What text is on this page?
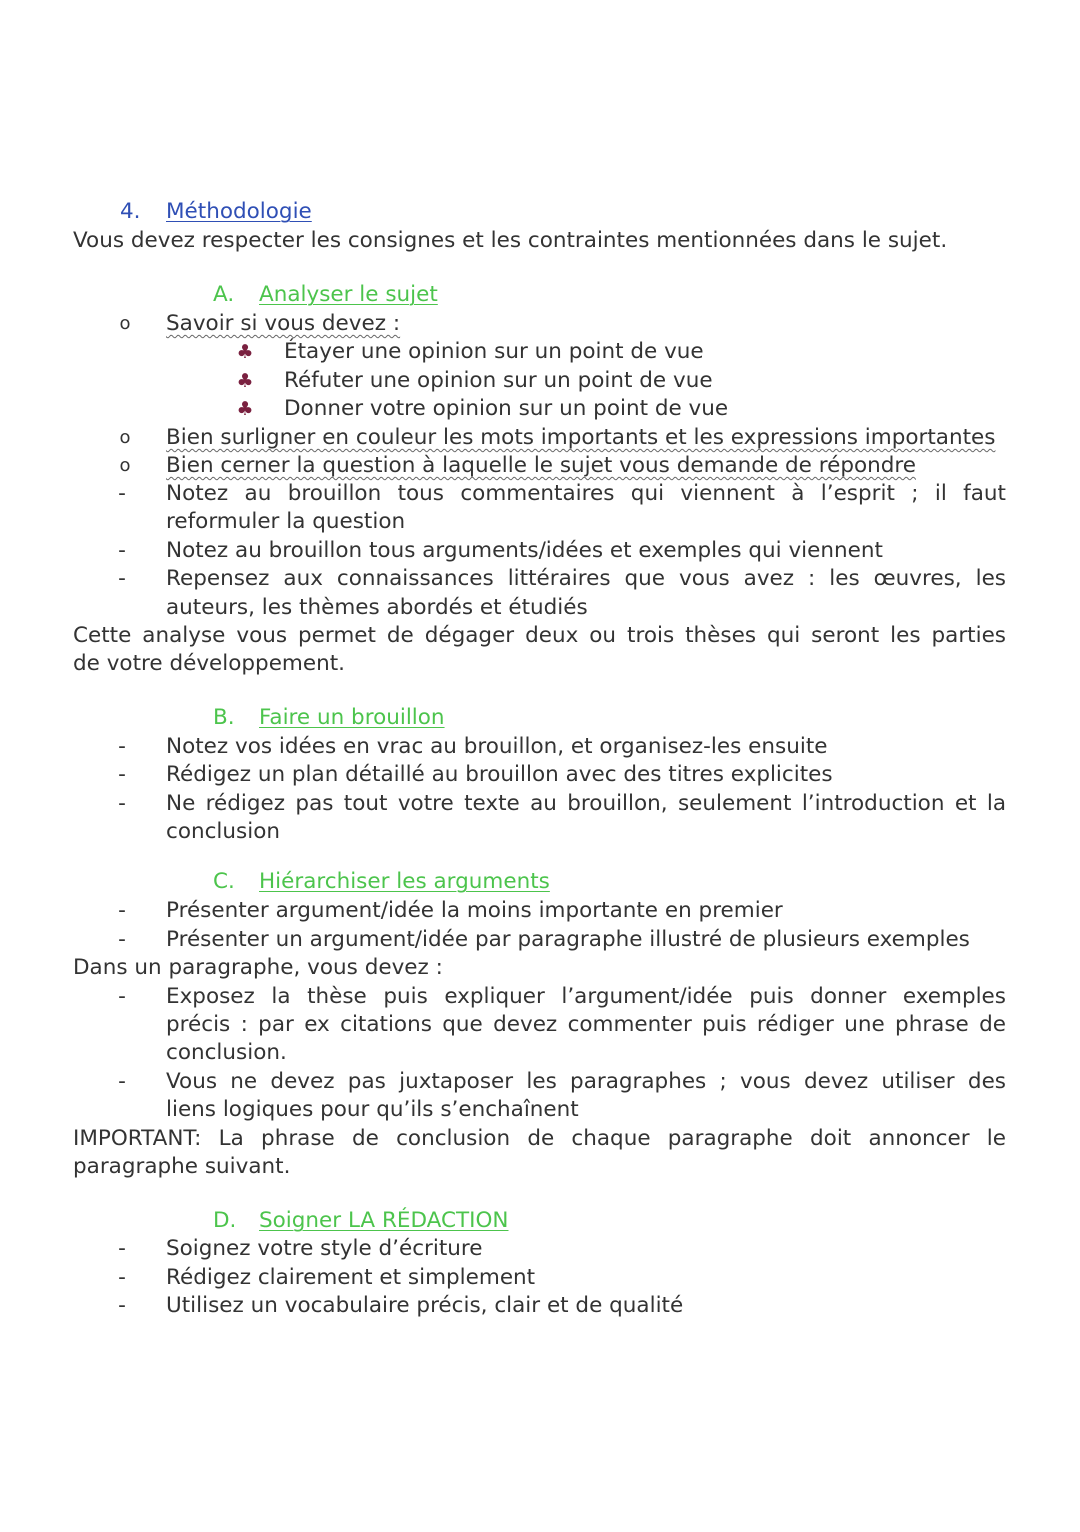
4. Méthodologie
Vous devez respecter les consignes et les contraintes mentionnées dans le sujet.
A. Analyser le sujet
o Savoir si vous devez :
♣ Étayer une opinion sur un point de vue
♣ Réfuter une opinion sur un point de vue
♣ Donner votre opinion sur un point de vue
o Bien surligner en couleur les mots importants et les expressions importantes
o Bien cerner la question à laquelle le sujet vous demande de répondre
- Notez au brouillon tous commentaires qui viennent à l’esprit ; il faut
reformuler la question
- Notez au brouillon tous arguments/idées et exemples qui viennent
- Repensez aux connaissances littéraires que vous avez : les œuvres, les
auteurs, les thèmes abordés et étudiés
Cette analyse vous permet de dégager deux ou trois thèses qui seront les parties
de votre développement.
B. Faire un brouillon
- Notez vos idées en vrac au brouillon, et organisez-les ensuite
- Rédigez un plan détaillé au brouillon avec des titres explicites
- Ne rédigez pas tout votre texte au brouillon, seulement l’introduction et la
conclusion
C. Hiérarchiser les arguments
- Présenter argument/idée la moins importante en premier
- Présenter un argument/idée par paragraphe illustré de plusieurs exemples
Dans un paragraphe, vous devez :
- Exposez la thèse puis expliquer l’argument/idée puis donner exemples
précis : par ex citations que devez commenter puis rédiger une phrase de
conclusion.
- Vous ne devez pas juxtaposer les paragraphes ; vous devez utiliser des
liens logiques pour qu’ils s’enchaînent
IMPORTANT: La phrase de conclusion de chaque paragraphe doit annoncer le
paragraphe suivant.
D. Soigner LA RÉDACTION
- Soignez votre style d’écriture
- Rédigez clairement et simplement
- Utilisez un vocabulaire précis, clair et de qualité
